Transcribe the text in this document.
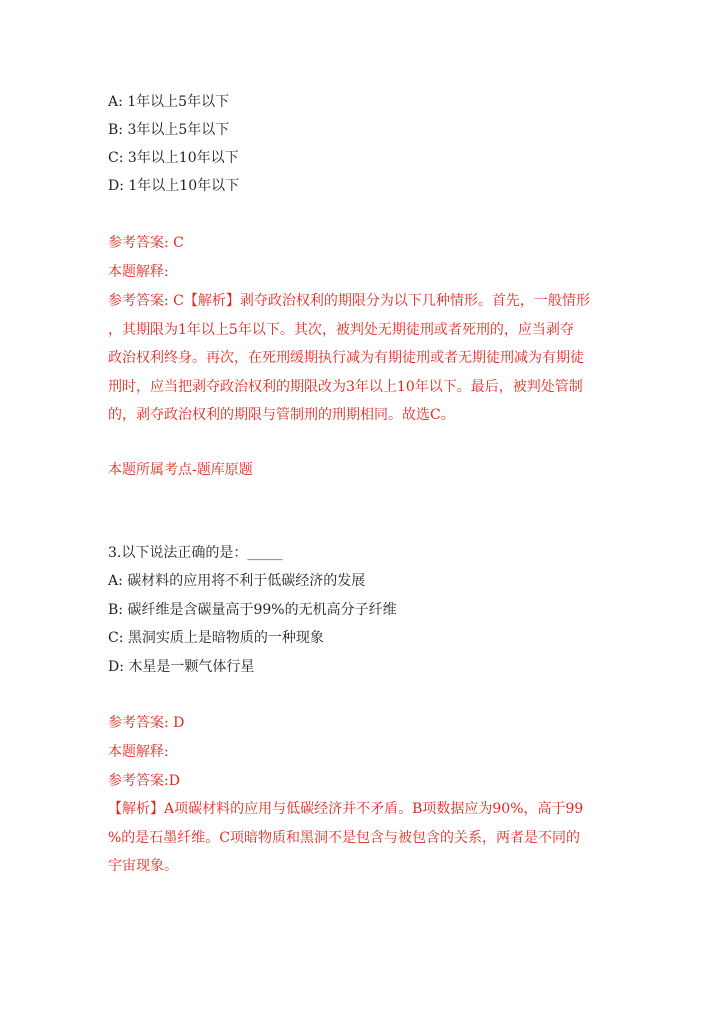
A: 1年以上5年以下
B: 3年以上5年以下
C: 3年以上10年以下
D: 1年以上10年以下
参考答案: C
本题解释:
参考答案: C【解析】剥夺政治权利的期限分为以下几种情形。首先，一般情形
，其期限为1年以上5年以下。其次，被判处无期徒刑或者死刑的，应当剥夺
政治权利终身。再次，在死刑缓期执行减为有期徒刑或者无期徒刑减为有期徒
刑时，应当把剥夺政治权利的期限改为3年以上10年以下。最后，被判处管制
的，剥夺政治权利的期限与管制刑的刑期相同。故选C。
本题所属考点-题库原题
3.以下说法正确的是：_____
A: 碳材料的应用将不利于低碳经济的发展
B: 碳纤维是含碳量高于99%的无机高分子纤维
C: 黑洞实质上是暗物质的一种现象
D: 木星是一颗气体行星
参考答案: D
本题解释:
参考答案:D
【解析】A项碳材料的应用与低碳经济并不矛盾。B项数据应为90%，高于99
%的是石墨纤维。C项暗物质和黑洞不是包含与被包含的关系，两者是不同的
宇宙现象。
